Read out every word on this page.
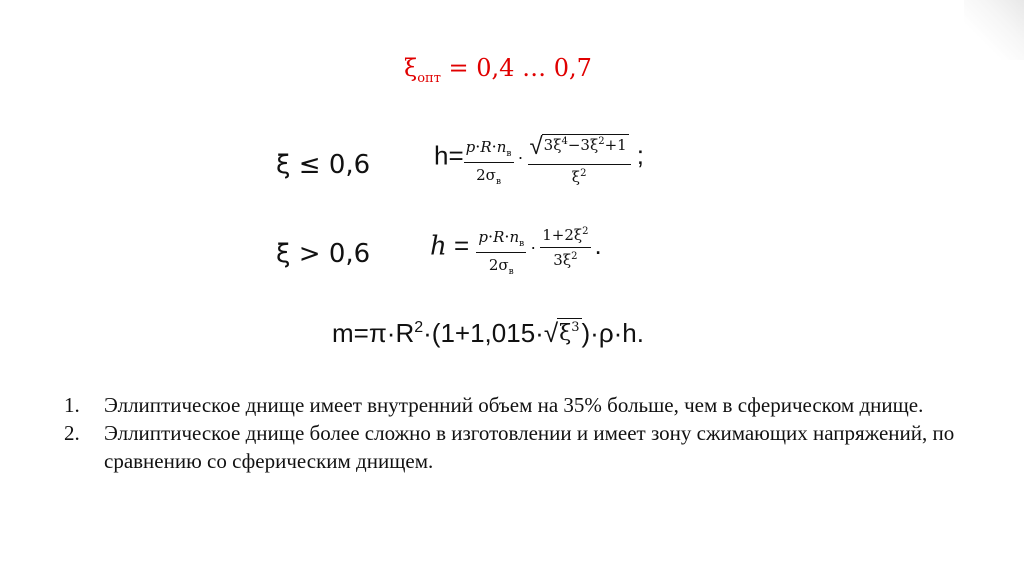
$\xi_{опт} = 0,4$ … 0,7
ξ ≤ 0,6 $h= \frac{p\cdot R\cdot nв}{2\sigma_в} \cdot \frac{√ 3\xi^4-3\xi^2+1}{\xi^2}$ ;
ξ > 0,6 $h = \frac{p\cdot R\cdot nв}{2\sigma_в} \cdot \frac{1+2\xi^2}{3\xi^2}$ .
$m=\pi\cdot R^2\cdot(1+1,015\cdot$ √ $\xi^3$ )·ρ·h.
1.	Эллиптическое днище имеет внутренний объем на 35% больше, чем в сферическом днище.
2.	Эллиптическое днище более сложно в изготовлении и имеет зону сжимающих напряжений, по сравнению со сферическим днищем.
